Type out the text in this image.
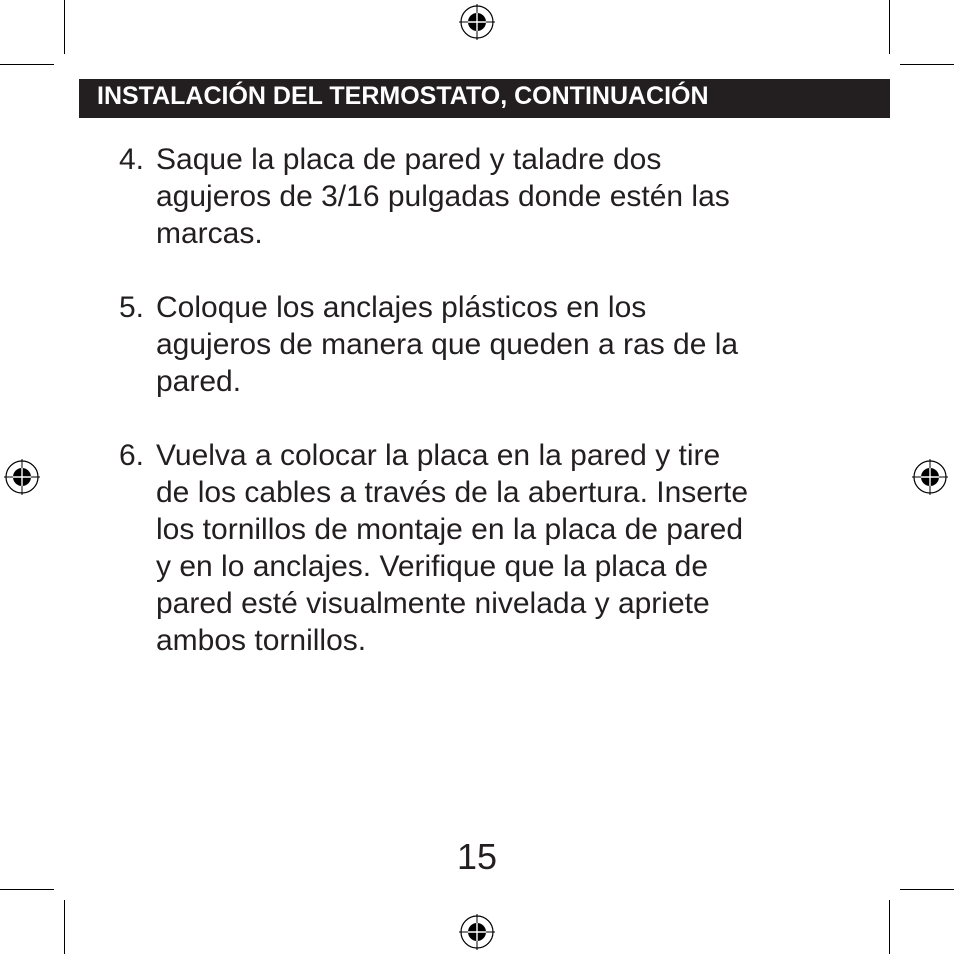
INSTALACIÓN DEL TERMOSTATO, CONTINUACIÓN
4. Saque la placa de pared y taladre dos
agujeros de 3/16 pulgadas donde estén las
marcas.
5. Coloque los anclajes plásticos en los
agujeros de manera que queden a ras de la
pared.
6. Vuelva a colocar la placa en la pared y tire
de los cables a través de la abertura. Inserte
los tornillos de montaje en la placa de pared
y en lo anclajes. Verifique que la placa de
pared esté visualmente nivelada y apriete
ambos tornillos.
15
